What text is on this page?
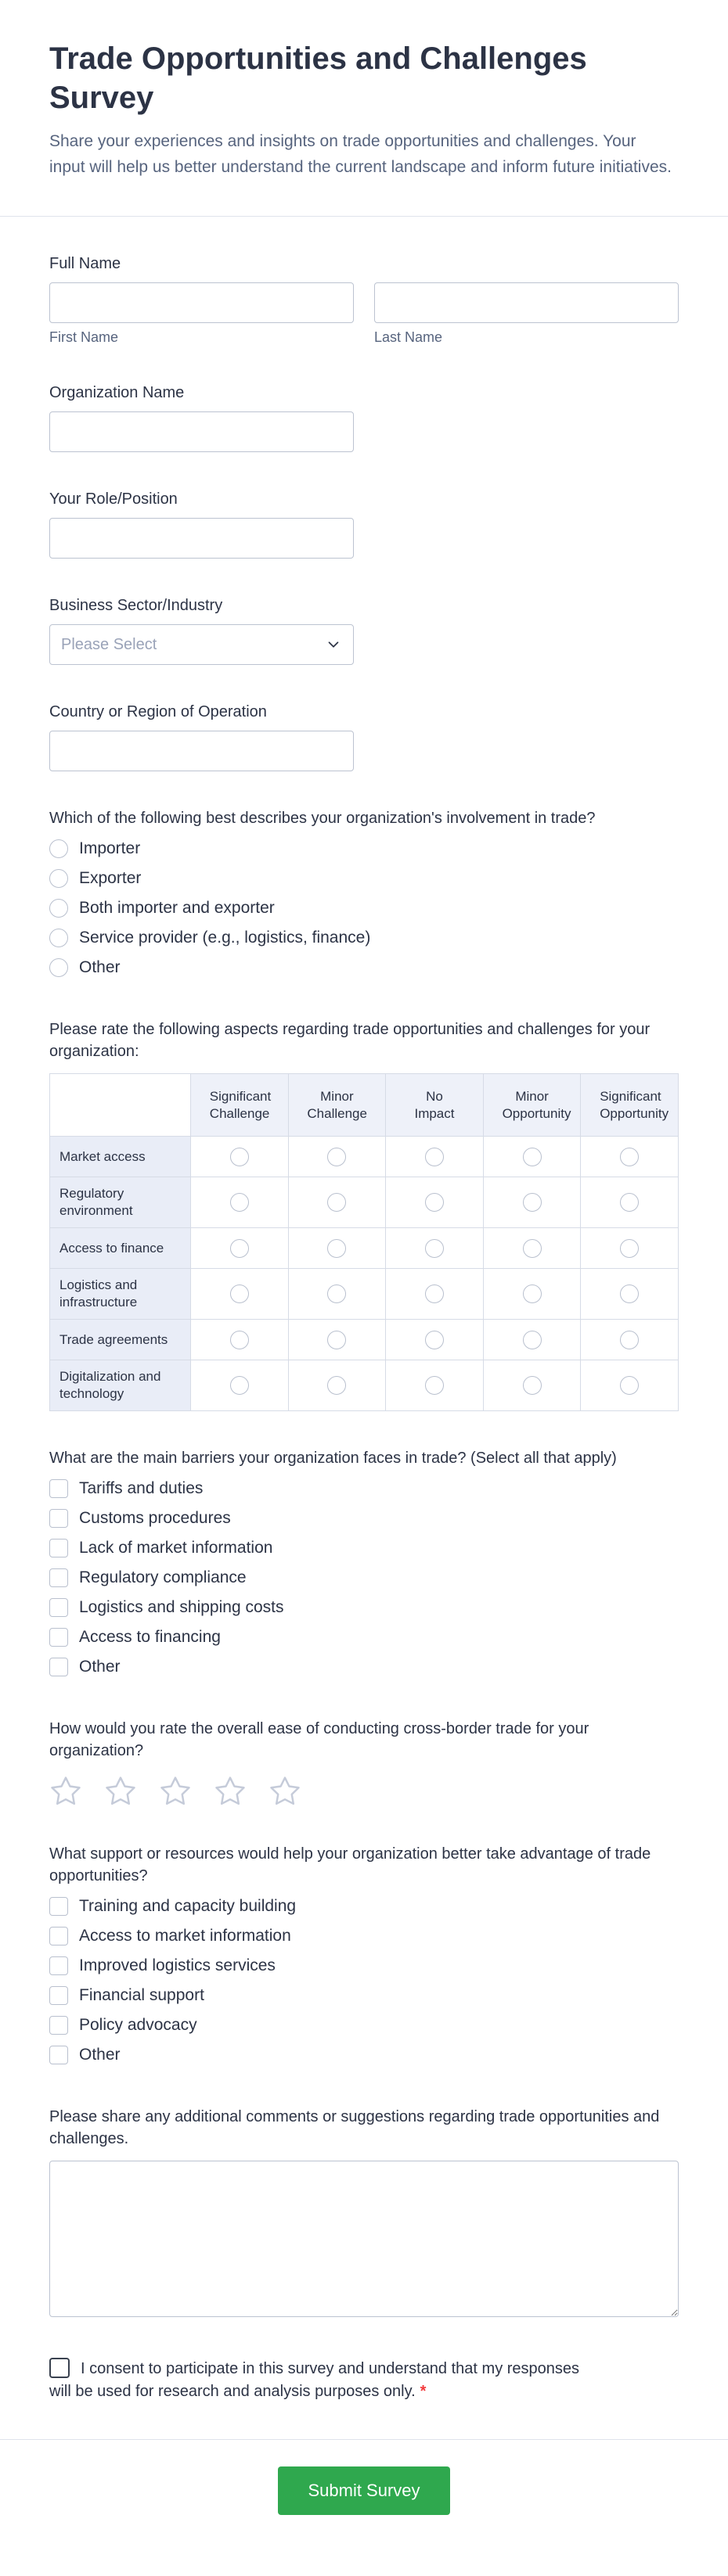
Trade Opportunities and Challenges Survey

Share your experiences and insights on trade opportunities and challenges. Your input will help us better understand the current landscape and inform future initiatives.

Full Name
First Name	Last Name
Organization Name
Your Role/Position
Business Sector/Industry
Please Select
Country or Region of Operation
Which of the following best describes your organization's involvement in trade?
Importer
Exporter
Both importer and exporter
Service provider (e.g., logistics, finance)
Other
Please rate the following aspects regarding trade opportunities and challenges for your organization:
	Significant Challenge	Minor Challenge	No Impact	Minor Opportunity	Significant Opportunity
Market access					
Regulatory environment					
Access to finance					
Logistics and infrastructure					
Trade agreements					
Digitalization and technology					
What are the main barriers your organization faces in trade? (Select all that apply)
Tariffs and duties
Customs procedures
Lack of market information
Regulatory compliance
Logistics and shipping costs
Access to financing
Other
How would you rate the overall ease of conducting cross-border trade for your organization?
What support or resources would help your organization better take advantage of trade opportunities?
Training and capacity building
Access to market information
Improved logistics services
Financial support
Policy advocacy
Other
Please share any additional comments or suggestions regarding trade opportunities and challenges.
I consent to participate in this survey and understand that my responses will be used for research and analysis purposes only. *
Submit Survey
